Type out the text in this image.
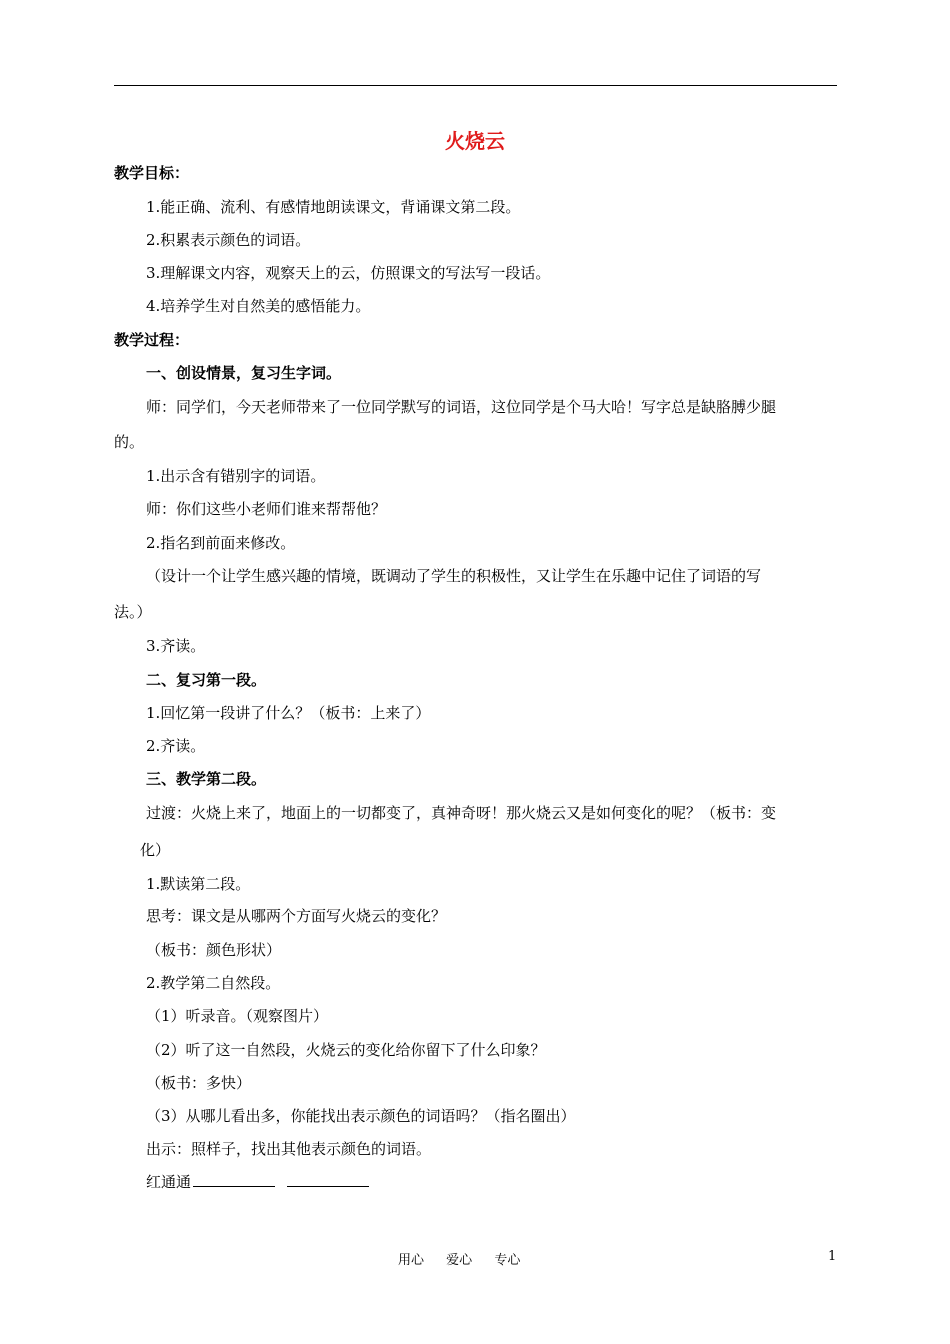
火烧云
教学目标：
1.能正确、流利、有感情地朗读课文，背诵课文第二段。
2.积累表示颜色的词语。
3.理解课文内容，观察天上的云，仿照课文的写法写一段话。
4.培养学生对自然美的感悟能力。
教学过程：
一、创设情景，复习生字词。
师：同学们，今天老师带来了一位同学默写的词语，这位同学是个马大哈！写字总是缺胳膊少腿
的。
1.出示含有错别字的词语。
师：你们这些小老师们谁来帮帮他？
2.指名到前面来修改。
（设计一个让学生感兴趣的情境，既调动了学生的积极性，又让学生在乐趣中记住了词语的写
法。）
3.齐读。
二、复习第一段。
1.回忆第一段讲了什么？（板书：上来了）
2.齐读。
三、教学第二段。
过渡：火烧上来了，地面上的一切都变了，真神奇呀！那火烧云又是如何变化的呢？（板书：变
化）
1.默读第二段。
思考：课文是从哪两个方面写火烧云的变化？
（板书：颜色形状）
2.教学第二自然段。
（1）听录音。（观察图片）
（2）听了这一自然段，火烧云的变化给你留下了什么印象？
（板书：多快）
（3）从哪儿看出多，你能找出表示颜色的词语吗？（指名圈出）
出示：照样子，找出其他表示颜色的词语。
红通通
用心 爱心 专心	1
